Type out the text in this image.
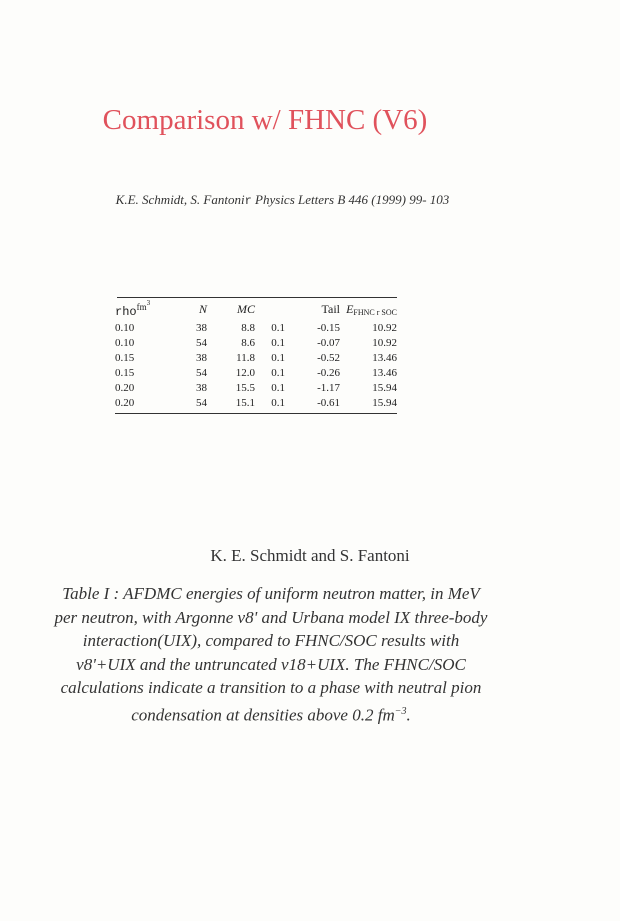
Comparison w/ FHNC (V6)
K.E. Schmidt, S. Fantonir Physics Letters B 446 (1999) 99- 103
rho$^{fm3}$	N	MC		Tail	$E_{FHNC r SOC}$
0.10	38	8.8	0.1	-0.15	10.92
0.10	54	8.6	0.1	-0.07	10.92
0.15	38	11.8	0.1	-0.52	13.46
0.15	54	12.0	0.1	-0.26	13.46
0.20	38	15.5	0.1	-1.17	15.94
0.20	54	15.1	0.1	-0.61	15.94
K. E. Schmidt and S. Fantoni
Table I : AFDMC energies of uniform neutron matter, in MeV
per neutron, with Argonne v8' and Urbana model IX three-body
interaction(UIX), compared to FHNC/SOC results with
v8'+UIX and the untruncated v18+UIX. The FHNC/SOC
calculations indicate a transition to a phase with neutral pion
condensation at densities above 0.2 $fm^{-3}$.
